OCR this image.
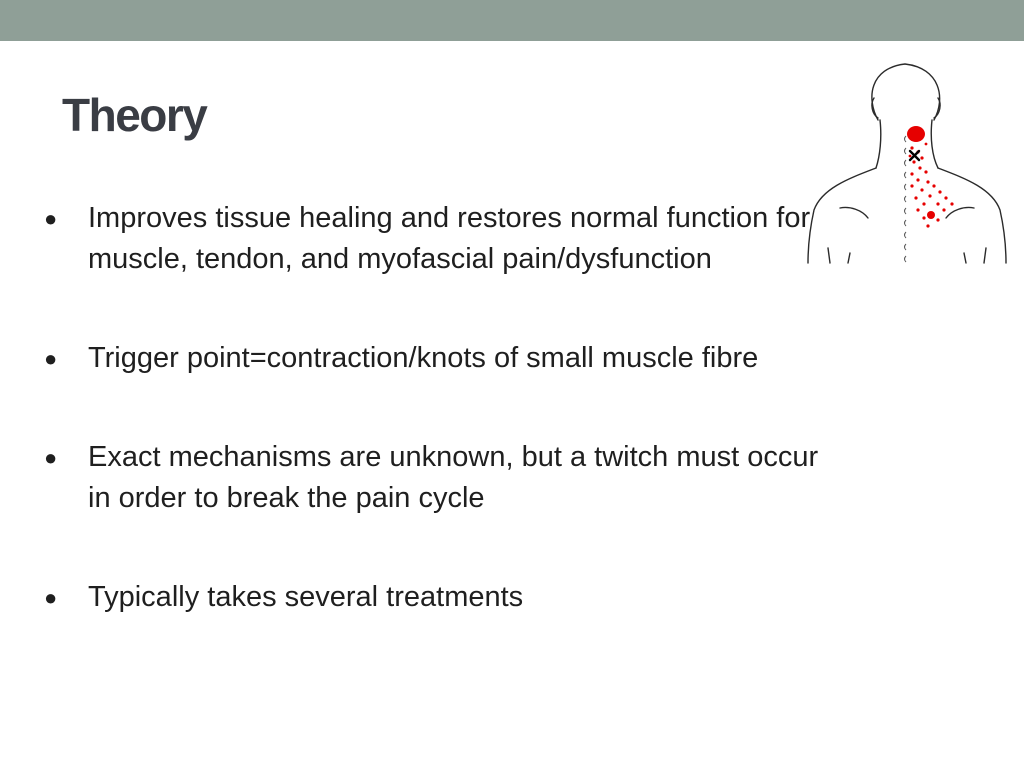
Theory
● Improves tissue healing and restores normal function for muscle, tendon, and myofascial pain/dysfunction
● Trigger point=contraction/knots of small muscle fibre
● Exact mechanisms are unknown, but a twitch must occur in order to break the pain cycle
● Typically takes several treatments
